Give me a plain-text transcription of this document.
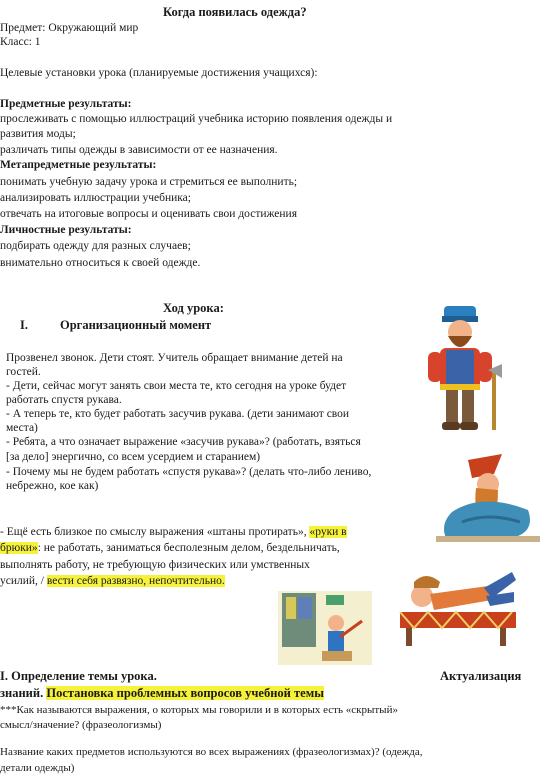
Когда появилась одежда?
Предмет: Окружающий мир
Класс: 1
Целевые установки урока (планируемые достижения учащихся):
Предметные результаты:
прослеживать с помощью иллюстраций учебника историю появления одежды и
развития моды;
различать типы одежды в зависимости от ее назначения.
Метапредметные результаты:
понимать учебную задачу урока и стремиться ее выполнить;
анализировать иллюстрации учебника;
отвечать на итоговые вопросы и оценивать свои достижения
Личностные результаты:
подбирать одежду для разных случаев;
внимательно относиться к своей одежде.
Ход урока:
I.	Организационный момент
Прозвенел звонок. Дети стоят. Учитель обращает внимание детей на
гостей.
- Дети, сейчас могут занять свои места те, кто сегодня на уроке будет
работать спустя рукава.
- А теперь те, кто будет работать засучив рукава. (дети занимают свои
места)
- Ребята, а что означает выражение «засучив рукава»? (работать, взяться
[за дело] энергично, со всем усердием и старанием)
- Почему мы не будем работать «спустя рукава»? (делать что-либо лениво,
небрежно, кое как)
- Ещё есть близкое по смыслу выражения «штаны протирать», «руки в
брюки»: не работать, заниматься бесполезным делом, бездельничать,
выполнять работу, не требующую физических или умственных
усилий, / вести себя развязно, непочтительно.
I. Определение темы урока.	Актуализация
знаний. Постановка проблемных вопросов учебной темы
***Как называются выражения, о которых мы говорили и в которых есть «скрытый»
смысл/значение? (фразеологизмы)
Название каких предметов используются во всех выражениях (фразеологизмах)? (одежда,
детали одежды)
